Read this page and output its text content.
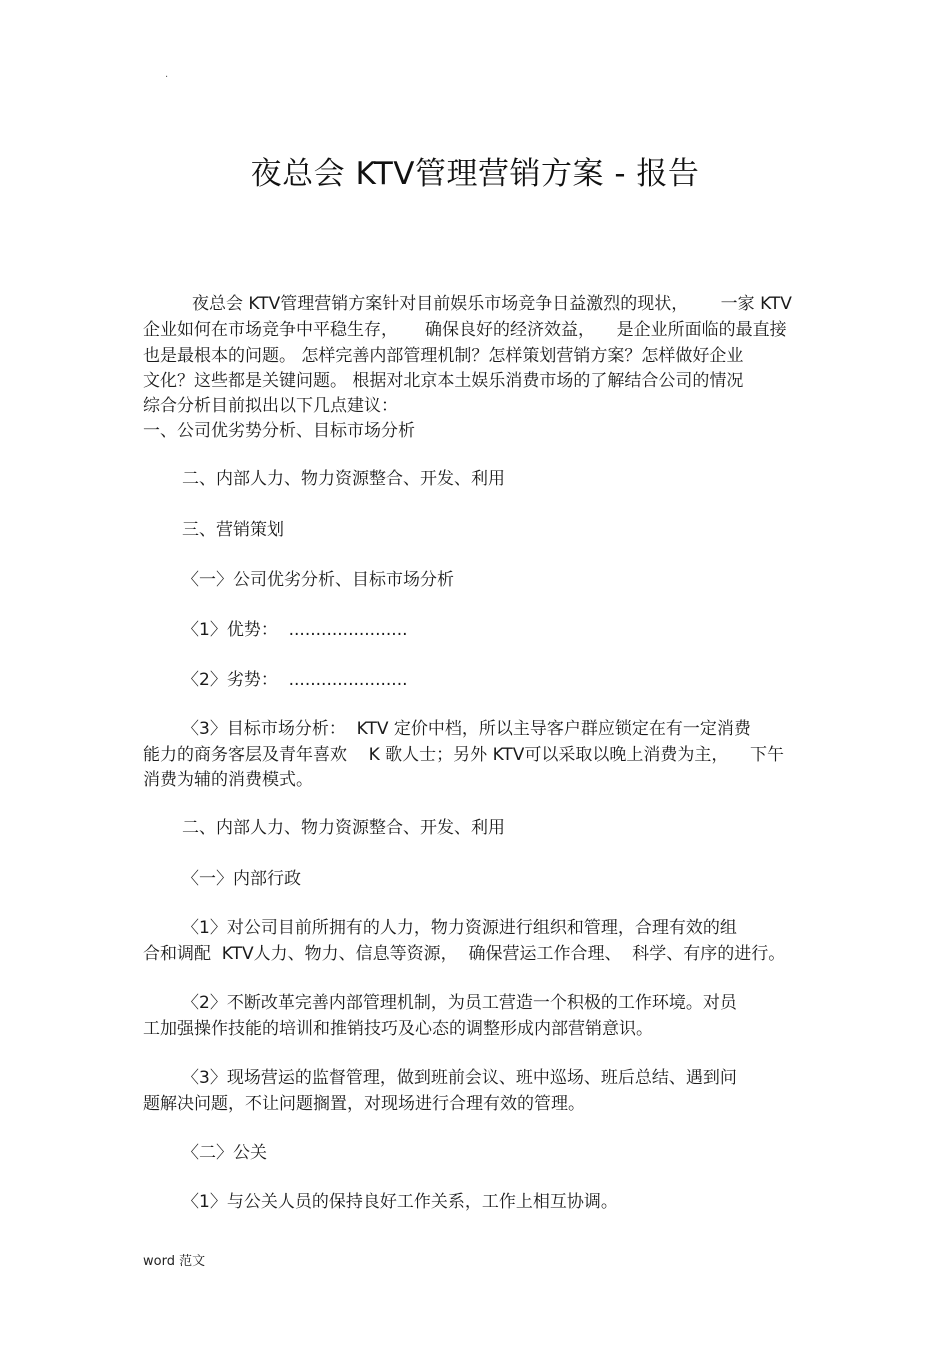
·
夜总会 KTV管理营销方案 - 报告
夜总会 KTV管理营销方案针对目前娱乐市场竞争日益激烈的现状，      一家 KTV
企业如何在市场竞争中平稳生存，     确保良好的经济效益，    是企业所面临的最直接
也是最根本的问题。 怎样完善内部管理机制？怎样策划营销方案？怎样做好企业
文化？这些都是关键问题。 根据对北京本土娱乐消费市场的了解结合公司的情况
综合分析目前拟出以下几点建议：
一、公司优劣势分析、目标市场分析
二、内部人力、物力资源整合、开发、利用
三、营销策划
〈一〉公司优劣分析、目标市场分析
〈1〉优势：  ......................
〈2〉劣势：  ......................
〈3〉目标市场分析：  KTV 定价中档，所以主导客户群应锁定在有一定消费
能力的商务客层及青年喜欢    K 歌人士；另外 KTV可以采取以晚上消费为主，    下午
消费为辅的消费模式。
二、内部人力、物力资源整合、开发、利用
〈一〉内部行政
〈1〉对公司目前所拥有的人力，物力资源进行组织和管理，合理有效的组
合和调配  KTV人力、物力、信息等资源，  确保营运工作合理、  科学、有序的进行。
〈2〉不断改革完善内部管理机制，为员工营造一个积极的工作环境。对员
工加强操作技能的培训和推销技巧及心态的调整形成内部营销意识。
〈3〉现场营运的监督管理，做到班前会议、班中巡场、班后总结、遇到问
题解决问题，不让问题搁置，对现场进行合理有效的管理。
〈二〉公关
〈1〉与公关人员的保持良好工作关系，工作上相互协调。
word 范文
